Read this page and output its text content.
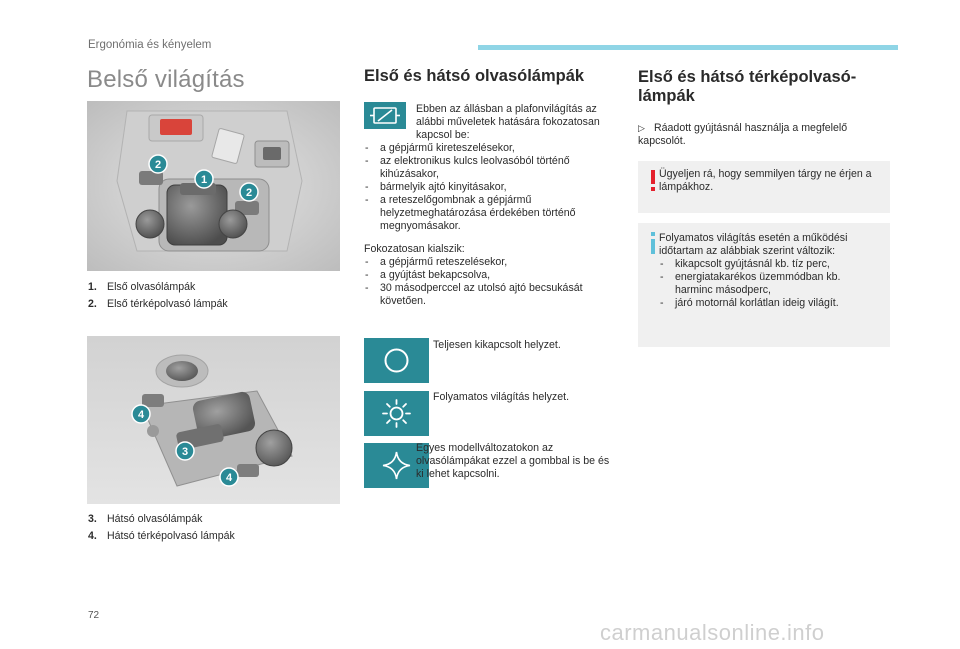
Ergonómia és kényelem
Belső világítás
2
1
2
1. Első olvasólámpák
2. Első térképolvasó lámpák
4
3
4
3. Hátsó olvasólámpák
4. Hátsó térképolvasó lámpák
Első és hátsó olvasólámpák
Ebben az állásban a plafonvilágítás az alábbi műveletek hatására fokozatosan kapcsol be:
- a gépjármű kireteszelésekor,
- az elektronikus kulcs leolvasóból történő kihúzásakor,
- bármelyik ajtó kinyitásakor,
- a reteszelőgombnak a gépjármű helyzetmeghatározása érdekében történő megnyomásakor.
Fokozatosan kialszik:
- a gépjármű reteszelésekor,
- a gyújtást bekapcsolva,
- 30 másodperccel az utolsó ajtó becsukását követően.
Teljesen kikapcsolt helyzet.
Folyamatos világítás helyzet.
Egyes modellváltozatokon az olvasólámpákat ezzel a gombbal is be és ki lehet kapcsolni.
Első és hátsó térképolvasó-
lámpák
▷ Ráadott gyújtásnál használja a megfelelő kapcsolót.
Ügyeljen rá, hogy semmilyen tárgy ne érjen a lámpákhoz.
Folyamatos világítás esetén a működési időtartam az alábbiak szerint változik:
- kikapcsolt gyújtásnál kb. tíz perc,
- energiatakarékos üzemmódban kb. harminc másodperc,
- járó motornál korlátlan ideig világít.
72
carmanualsonline.info
